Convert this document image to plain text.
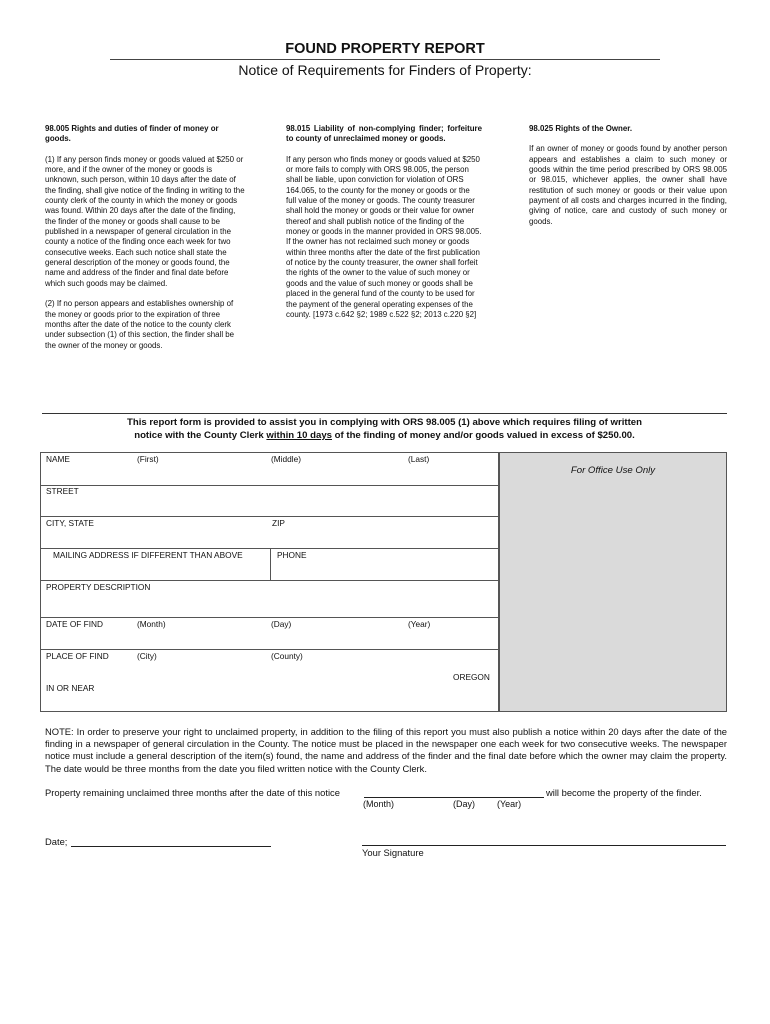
FOUND PROPERTY REPORT
Notice of Requirements for Finders of Property:

98.005 Rights and duties of finder of money or goods.

(1) If any person finds money or goods valued at $250 or more, and if the owner of the money or goods is unknown, such person, within 10 days after the date of the finding, shall give notice of the finding in writing to the county clerk of the county in which the money or goods was found. Within 20 days after the date of the finding, the finder of the money or goods shall cause to be published in a newspaper of general circulation in the county a notice of the finding once each week for two consecutive weeks. Each such notice shall state the general description of the money or goods found, the name and address of the finder and final date before which such goods may be claimed.

(2) If no person appears and establishes ownership of the money or goods prior to the expiration of three months after the date of the notice to the county clerk under subsection (1) of this section, the finder shall be the owner of the money or goods.

98.015 Liability of non-complying finder; forfeiture to county of unreclaimed money or goods.

If any person who finds money or goods valued at $250 or more fails to comply with ORS 98.005, the person shall be liable, upon conviction for violation of ORS 164.065, to the county for the money or goods or the full value of the money or goods. The county treasurer shall hold the money or goods or their value for owner thereof and shall publish notice of the finding of the money or goods in the manner provided in ORS 98.005. If the owner has not reclaimed such money or goods within three months after the date of the first publication of notice by the county treasurer, the owner shall forfeit the rights of the owner to the value of such money or goods and the value of such money or goods shall be placed in the general fund of the county to be used for the payment of the general operating expenses of the county. [1973 c.642 §2; 1989 c.522 §2; 2013 c.220 §2]

98.025 Rights of the Owner.

If an owner of money or goods found by another person appears and establishes a claim to such money or goods within the time period prescribed by ORS 98.005 or 98.015, whichever applies, the owner shall have restitution of such money or goods or their value upon payment of all costs and charges incurred in the finding, giving of notice, care and custody of such money or goods.

This report form is provided to assist you in complying with ORS 98.005 (1) above which requires filing of written
notice with the County Clerk within 10 days of the finding of money and/or goods valued in excess of $250.00.
NAME	(First)	(Middle)	(Last)
STREET
CITY, STATE	ZIP
MAILING ADDRESS IF DIFFERENT THAN ABOVE	PHONE
PROPERTY DESCRIPTION
DATE OF FIND	(Month)	(Day)	(Year)
PLACE OF FIND	(City)	(County)
OREGON
IN OR NEAR
For Office Use Only
NOTE: In order to preserve your right to unclaimed property, in addition to the filing of this report you must also publish a notice within 20 days after the date of the finding in a newspaper of general circulation in the County. The notice must be placed in the newspaper one each week for two consecutive weeks. The newspaper notice must include a general description of the item(s) found, the name and address of the finder and the final date before which the owner may claim the property. The date would be three months from the date you filed written notice with the County Clerk.
Property remaining unclaimed three months after the date of this notice	will become the property of the finder.
(Month)	(Day) (Year)
Date;
Your Signature
